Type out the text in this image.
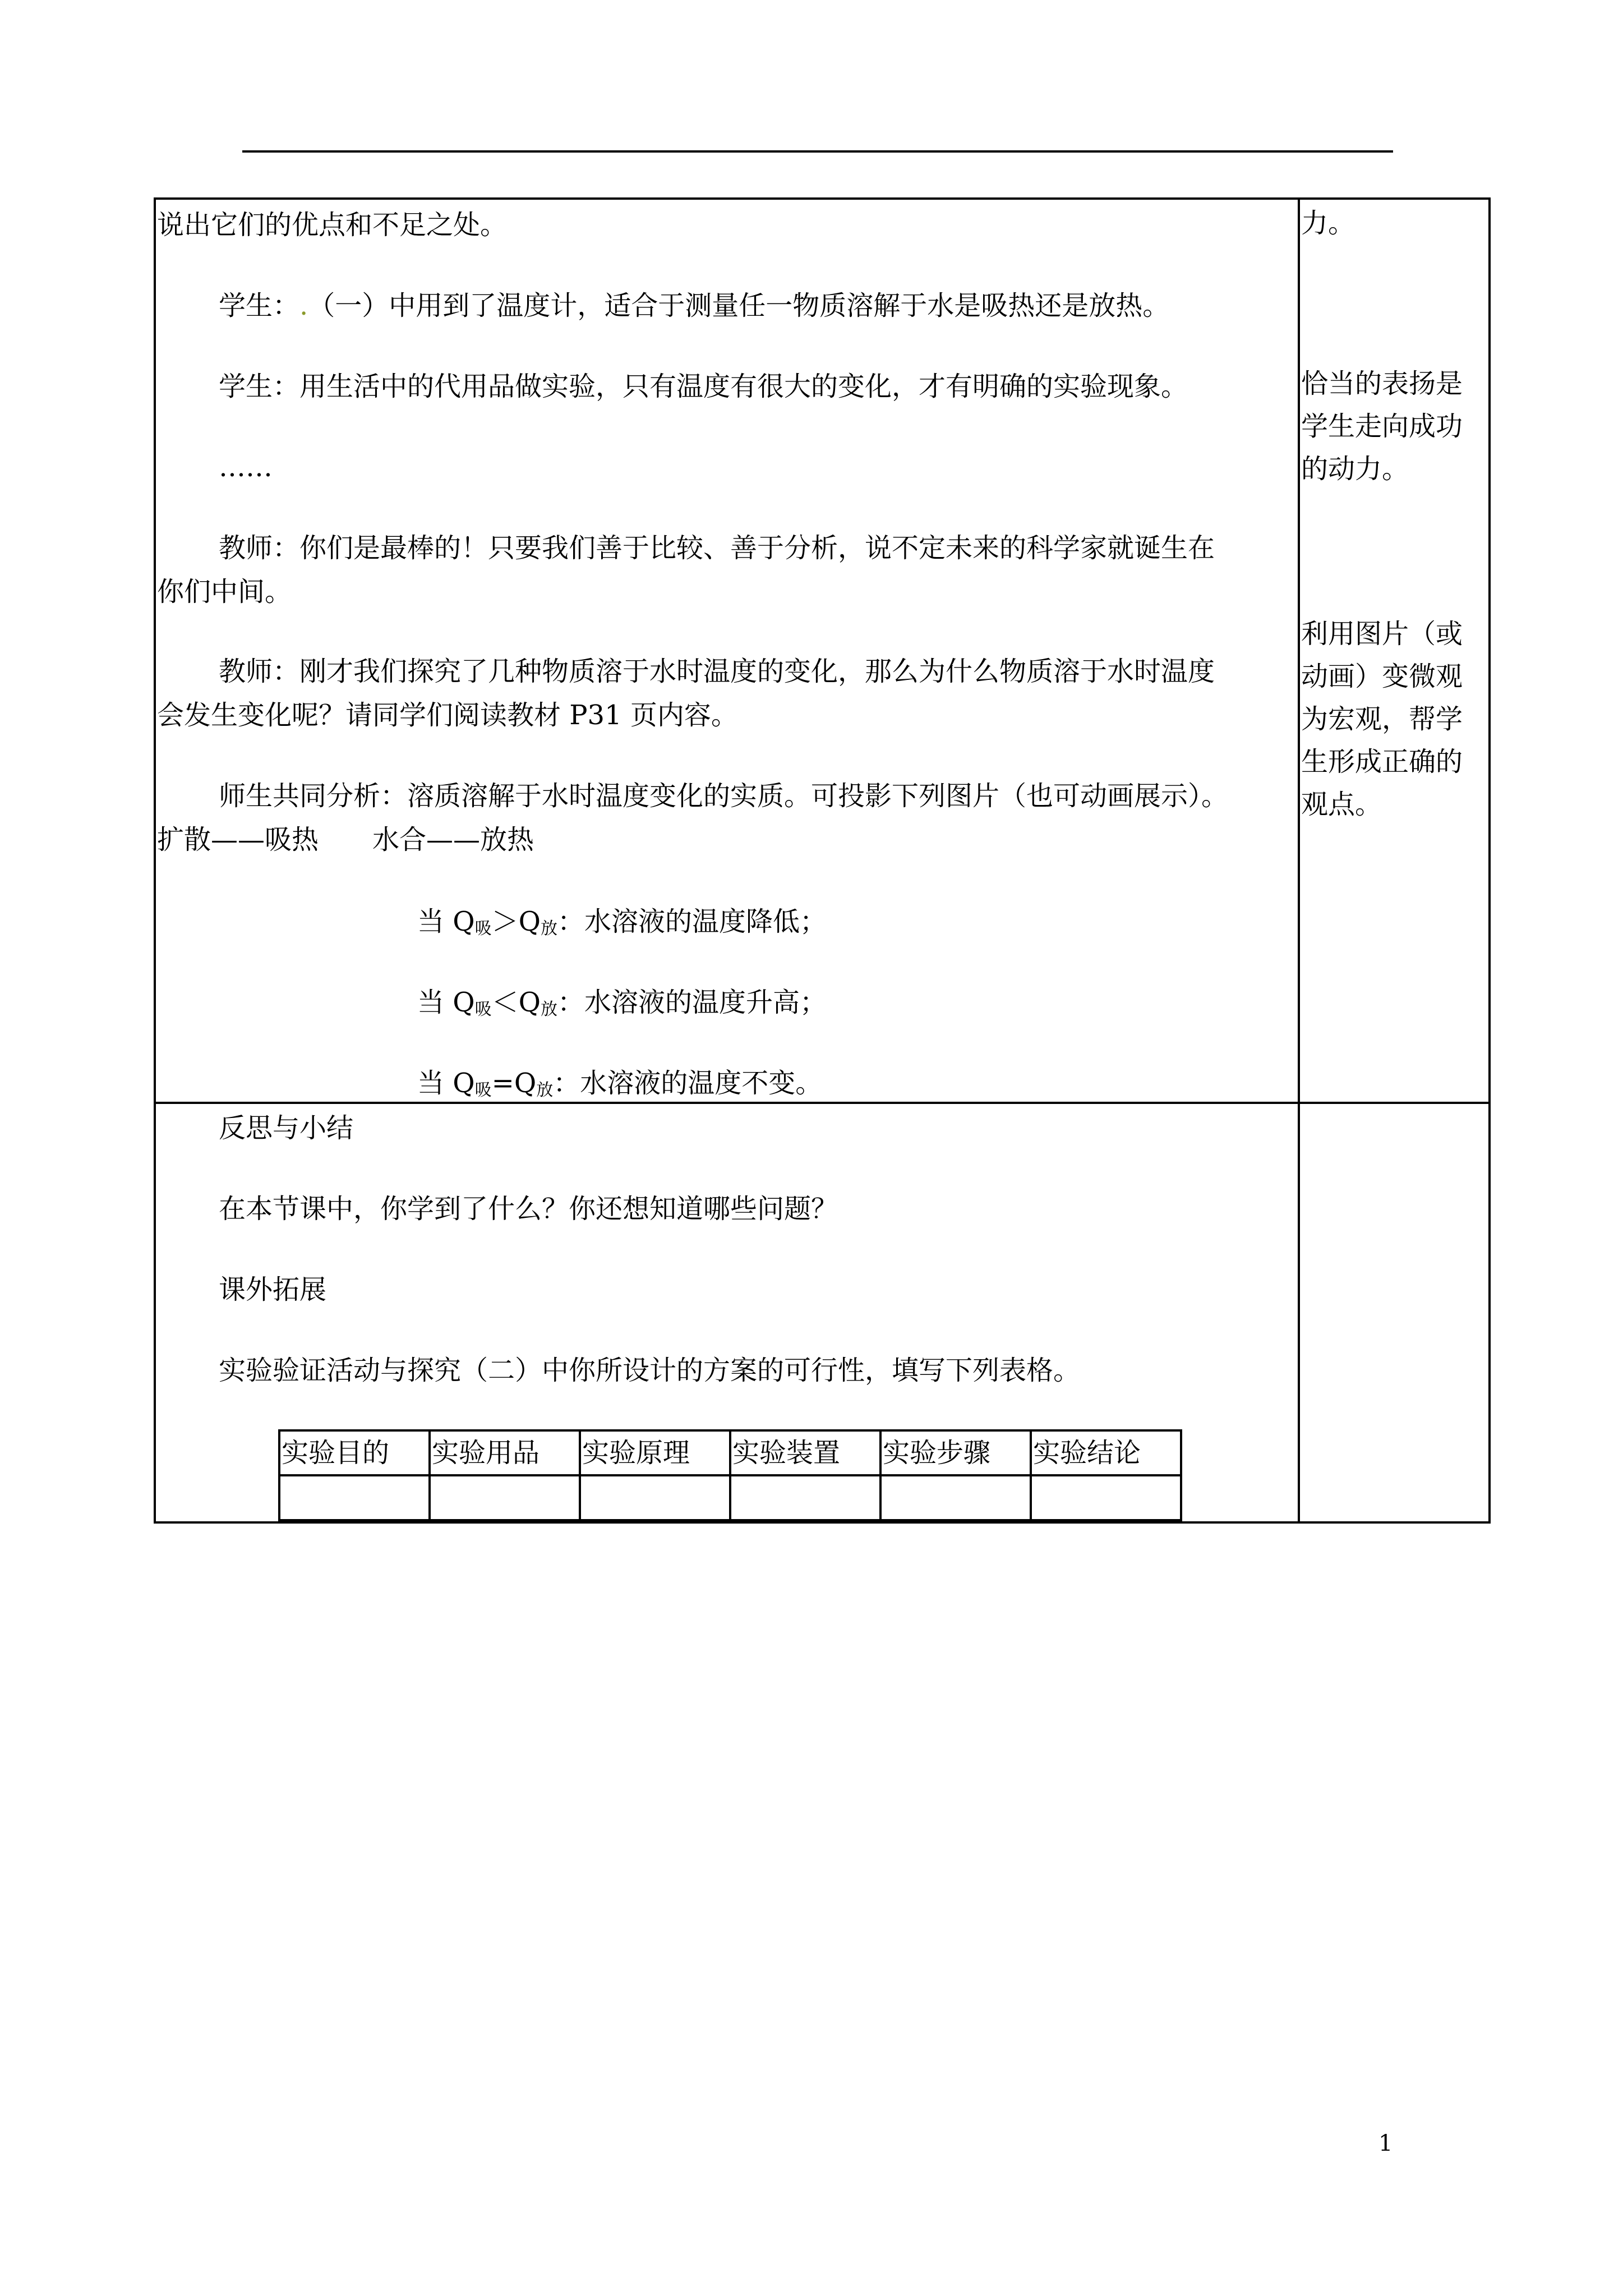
说出它们的优点和不足之处。

学生：.（一）中用到了温度计，适合于测量任一物质溶解于水是吸热还是放热。

学生：用生活中的代用品做实验，只有温度有很大的变化，才有明确的实验现象。

……

教师：你们是最棒的！只要我们善于比较、善于分析，说不定未来的科学家就诞生在

你们中间。

教师：刚才我们探究了几种物质溶于水时温度的变化，那么为什么物质溶于水时温度

会发生变化呢？请同学们阅读教材 P31 页内容。

师生共同分析：溶质溶解于水时温度变化的实质。可投影下列图片（也可动画展示）。

扩散——吸热　　水合——放热

当 $Q_吸>Q_放$：水溶液的温度降低；

当 $Q_吸<Q_放$：水溶液的温度升高；

当 $Q_吸=Q_放$：水溶液的温度不变。

力。

恰当的表扬是

学生走向成功

的动力。

利用图片（或

动画）变微观

为宏观，帮学

生形成正确的

观点。

反思与小结

在本节课中，你学到了什么？你还想知道哪些问题？

课外拓展

实验验证活动与探究（二）中你所设计的方案的可行性，填写下列表格。

实验目的	实验用品	实验原理	实验装置	实验步骤	实验结论

1
